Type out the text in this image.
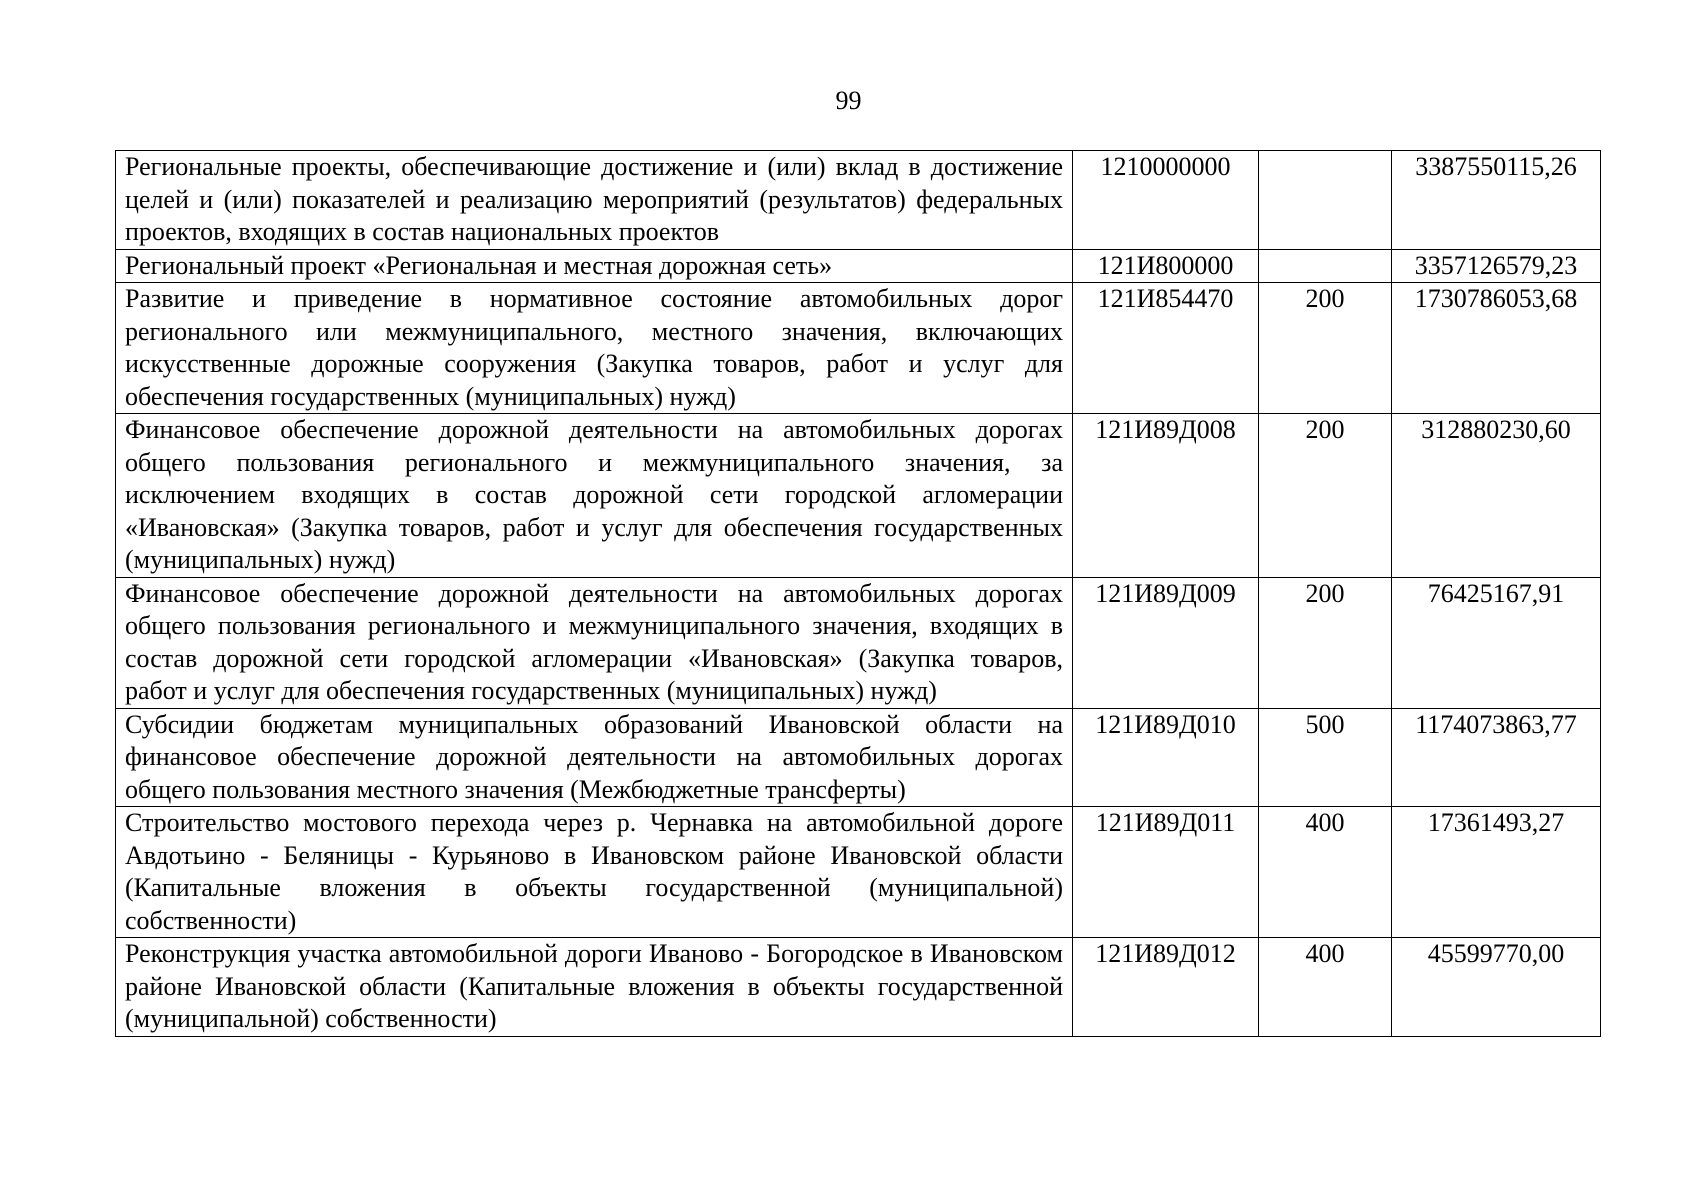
99
Региональные проекты, обеспечивающие достижение и (или) вклад в достижение целей и (или) показателей и реализацию мероприятий (результатов) федеральных проектов, входящих в состав национальных проектов	1210000000		3387550115,26
Региональный проект «Региональная и местная дорожная сеть»	121И800000		3357126579,23
Развитие и приведение в нормативное состояние автомобильных дорог регионального или межмуниципального, местного значения, включающих искусственные дорожные сооружения (Закупка товаров, работ и услуг для обеспечения государственных (муниципальных) нужд)	121И854470	200	1730786053,68
Финансовое обеспечение дорожной деятельности на автомобильных дорогах общего пользования регионального и межмуниципального значения, за исключением входящих в состав дорожной сети городской агломерации «Ивановская» (Закупка товаров, работ и услуг для обеспечения государственных (муниципальных) нужд)	121И89Д008	200	312880230,60
Финансовое обеспечение дорожной деятельности на автомобильных дорогах общего пользования регионального и межмуниципального значения, входящих в состав дорожной сети городской агломерации «Ивановская» (Закупка товаров, работ и услуг для обеспечения государственных (муниципальных) нужд)	121И89Д009	200	76425167,91
Субсидии бюджетам муниципальных образований Ивановской области на финансовое обеспечение дорожной деятельности на автомобильных дорогах общего пользования местного значения (Межбюджетные трансферты)	121И89Д010	500	1174073863,77
Строительство мостового перехода через р. Чернавка на автомобильной дороге Авдотьино - Беляницы - Курьяново в Ивановском районе Ивановской области (Капитальные вложения в объекты государственной (муниципальной) собственности)	121И89Д011	400	17361493,27
Реконструкция участка автомобильной дороги Иваново - Богородское в Ивановском районе Ивановской области (Капитальные вложения в объекты государственной (муниципальной) собственности)	121И89Д012	400	45599770,00
